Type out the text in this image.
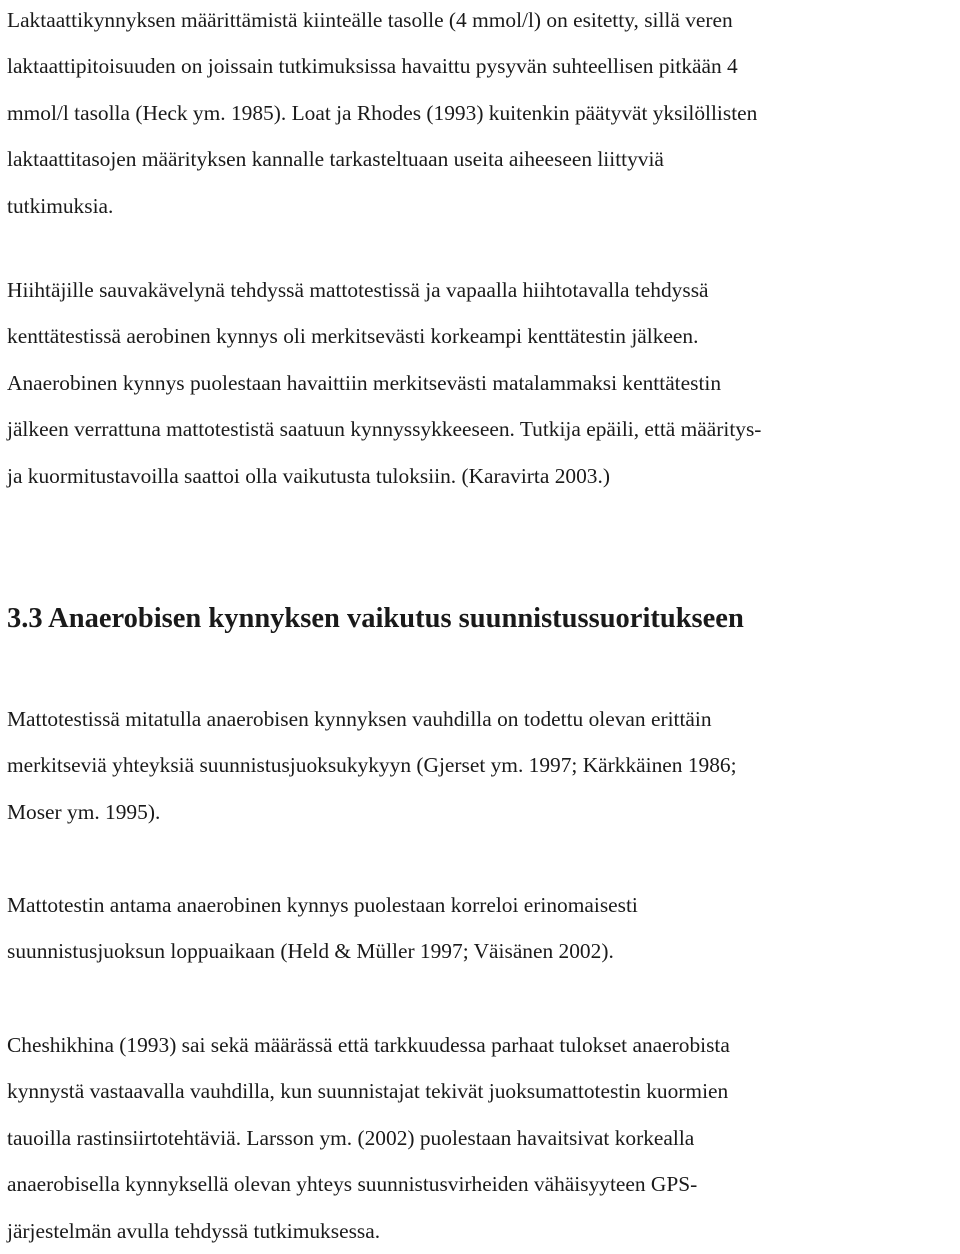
Laktaattikynnyksen määrittämistä kiinteälle tasolle (4 mmol/l) on esitetty, sillä veren
laktaattipitoisuuden on joissain tutkimuksissa havaittu pysyvän suhteellisen pitkään 4
mmol/l tasolla (Heck ym. 1985). Loat ja Rhodes (1993) kuitenkin päätyvät yksilöllisten
laktaattitasojen määrityksen kannalle tarkasteltuaan useita aiheeseen liittyviä
tutkimuksia.

Hiihtäjille sauvakävelynä tehdyssä mattotestissä ja vapaalla hiihtotavalla tehdyssä
kenttätestissä aerobinen kynnys oli merkitsevästi korkeampi kenttätestin jälkeen.
Anaerobinen kynnys puolestaan havaittiin merkitsevästi matalammaksi kenttätestin
jälkeen verrattuna mattotestistä saatuun kynnyssykkeeseen. Tutkija epäili, että määritys-
ja kuormitustavoilla saattoi olla vaikutusta tuloksiin. (Karavirta 2003.)

3.3 Anaerobisen kynnyksen vaikutus suunnistussuoritukseen

Mattotestissä mitatulla anaerobisen kynnyksen vauhdilla on todettu olevan erittäin
merkitseviä yhteyksiä suunnistusjuoksukykyyn (Gjerset ym. 1997; Kärkkäinen 1986;
Moser ym. 1995).

Mattotestin antama anaerobinen kynnys puolestaan korreloi erinomaisesti
suunnistusjuoksun loppuaikaan (Held & Müller 1997; Väisänen 2002).

Cheshikhina (1993) sai sekä määrässä että tarkkuudessa parhaat tulokset anaerobista
kynnystä vastaavalla vauhdilla, kun suunnistajat tekivät juoksumattotestin kuormien
tauoilla rastinsiirtotehtäviä. Larsson ym. (2002) puolestaan havaitsivat korkealla
anaerobisella kynnyksellä olevan yhteys suunnistusvirheiden vähäisyyteen GPS-
järjestelmän avulla tehdyssä tutkimuksessa.
